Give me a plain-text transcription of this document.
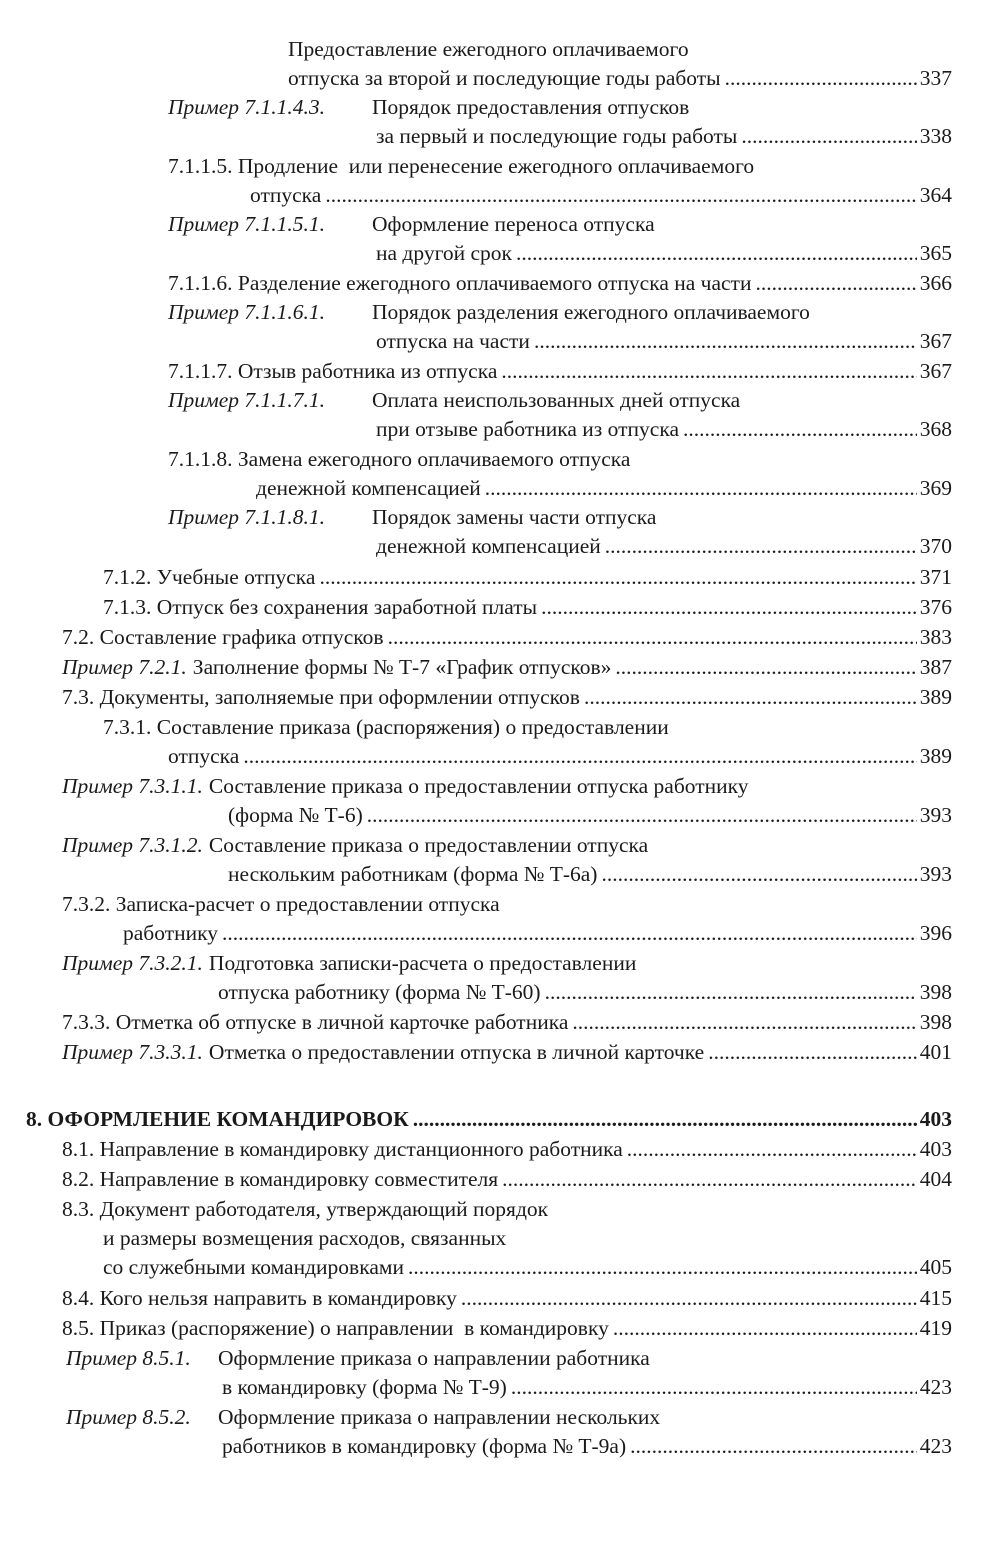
Предоставление ежегодного оплачиваемого
отпуска за второй и последующие годы работы .....	337
Пример 7.1.1.4.3.	Порядок предоставления отпусков
за первый и последующие годы работы .....	338
7.1.1.5. Продление  или перенесение ежегодного оплачиваемого
отпуска .....	364
Пример 7.1.1.5.1.	Оформление переноса отпуска
на другой срок .....	365
7.1.1.6. Разделение ежегодного оплачиваемого отпуска на части .....	366
Пример 7.1.1.6.1.	Порядок разделения ежегодного оплачиваемого
отпуска на части .....	367
7.1.1.7. Отзыв работника из отпуска .....	367
Пример 7.1.1.7.1.	Оплата неиспользованных дней отпуска
при отзыве работника из отпуска .....	368
7.1.1.8. Замена ежегодного оплачиваемого отпуска
денежной компенсацией .....	369
Пример 7.1.1.8.1.	Порядок замены части отпуска
денежной компенсацией .....	370
7.1.2. Учебные отпуска .....	371
7.1.3. Отпуск без сохранения заработной платы .....	376
7.2. Составление графика отпусков .....	383
Пример 7.2.1. Заполнение формы № Т-7 «График отпусков» .....	387
7.3. Документы, заполняемые при оформлении отпусков .....	389
7.3.1. Составление приказа (распоряжения) о предоставлении
отпуска .....	389
Пример 7.3.1.1. Составление приказа о предоставлении отпуска работнику
(форма № Т-6) .....	393
Пример 7.3.1.2. Составление приказа о предоставлении отпуска
нескольким работникам (форма № Т-6а) .....	393
7.3.2. Записка-расчет о предоставлении отпуска
работнику .....	396
Пример 7.3.2.1. Подготовка записки-расчета о предоставлении
отпуска работнику (форма № Т-60) .....	398
7.3.3. Отметка об отпуске в личной карточке работника .....	398
Пример 7.3.3.1. Отметка о предоставлении отпуска в личной карточке .....	401
8. ОФОРМЛЕНИЕ КОМАНДИРОВОК .....	403
8.1. Направление в командировку дистанционного работника .....	403
8.2. Направление в командировку совместителя .....	404
8.3. Документ работодателя, утверждающий порядок
и размеры возмещения расходов, связанных
со служебными командировками .....	405
8.4. Кого нельзя направить в командировку .....	415
8.5. Приказ (распоряжение) о направлении  в командировку .....	419
Пример 8.5.1.	Оформление приказа о направлении работника
в командировку (форма № Т-9) .....	423
Пример 8.5.2.	Оформление приказа о направлении нескольких
работников в командировку (форма № Т-9а) .....	423
